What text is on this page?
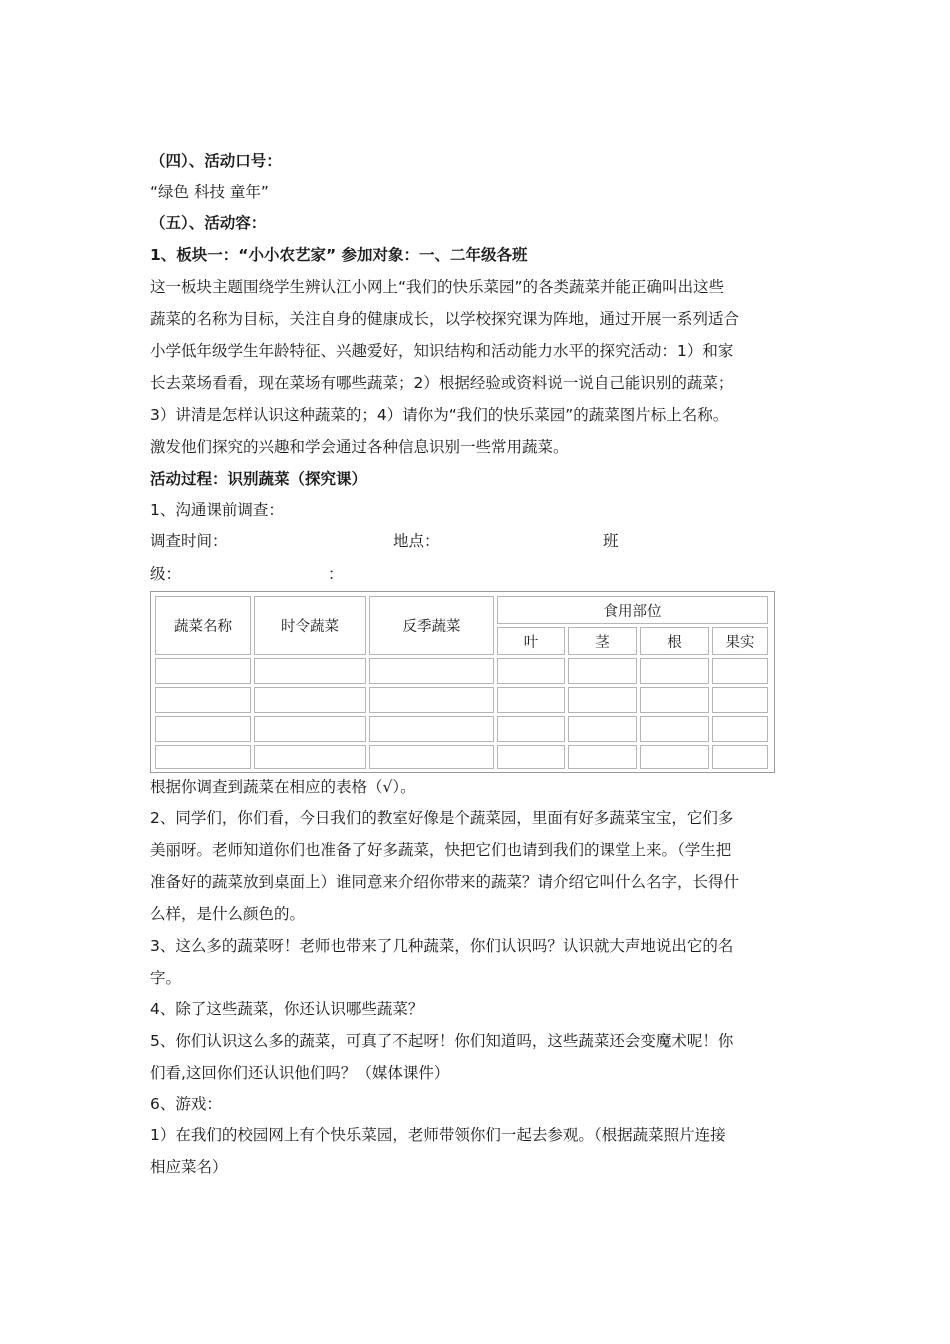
（四）、活动口号：
“绿色 科技 童年”
（五）、活动容：
1、板块一：“小小农艺家” 参加对象：一、二年级各班
这一板块主题围绕学生辨认江小网上“我们的快乐菜园”的各类蔬菜并能正确叫出这些
蔬菜的名称为目标，关注自身的健康成长，以学校探究课为阵地，通过开展一系列适合
小学低年级学生年龄特征、兴趣爱好，知识结构和活动能力水平的探究活动：1）和家
长去菜场看看，现在菜场有哪些蔬菜；2）根据经验或资料说一说自己能识别的蔬菜；
3）讲清是怎样认识这种蔬菜的；4）请你为“我们的快乐菜园”的蔬菜图片标上名称。
激发他们探究的兴趣和学会通过各种信息识别一些常用蔬菜。
活动过程：识别蔬菜（探究课）
1、沟通课前调查：
调查时间：	地点：	班
级：	：
蔬菜名称	时令蔬菜	反季蔬菜	食用部位			
			叶	茎	根	果实

根据你调查到蔬菜在相应的表格（√）。
2、同学们，你们看，今日我们的教室好像是个蔬菜园，里面有好多蔬菜宝宝，它们多
美丽呀。老师知道你们也准备了好多蔬菜，快把它们也请到我们的课堂上来。（学生把
准备好的蔬菜放到桌面上）谁同意来介绍你带来的蔬菜？请介绍它叫什么名字，长得什
么样，是什么颜色的。
3、这么多的蔬菜呀！老师也带来了几种蔬菜，你们认识吗？认识就大声地说出它的名
字。
4、除了这些蔬菜，你还认识哪些蔬菜？
5、你们认识这么多的蔬菜，可真了不起呀！你们知道吗，这些蔬菜还会变魔术呢！你
们看,这回你们还认识他们吗？（媒体课件）
6、游戏：
1）在我们的校园网上有个快乐菜园，老师带领你们一起去参观。（根据蔬菜照片连接
相应菜名）
